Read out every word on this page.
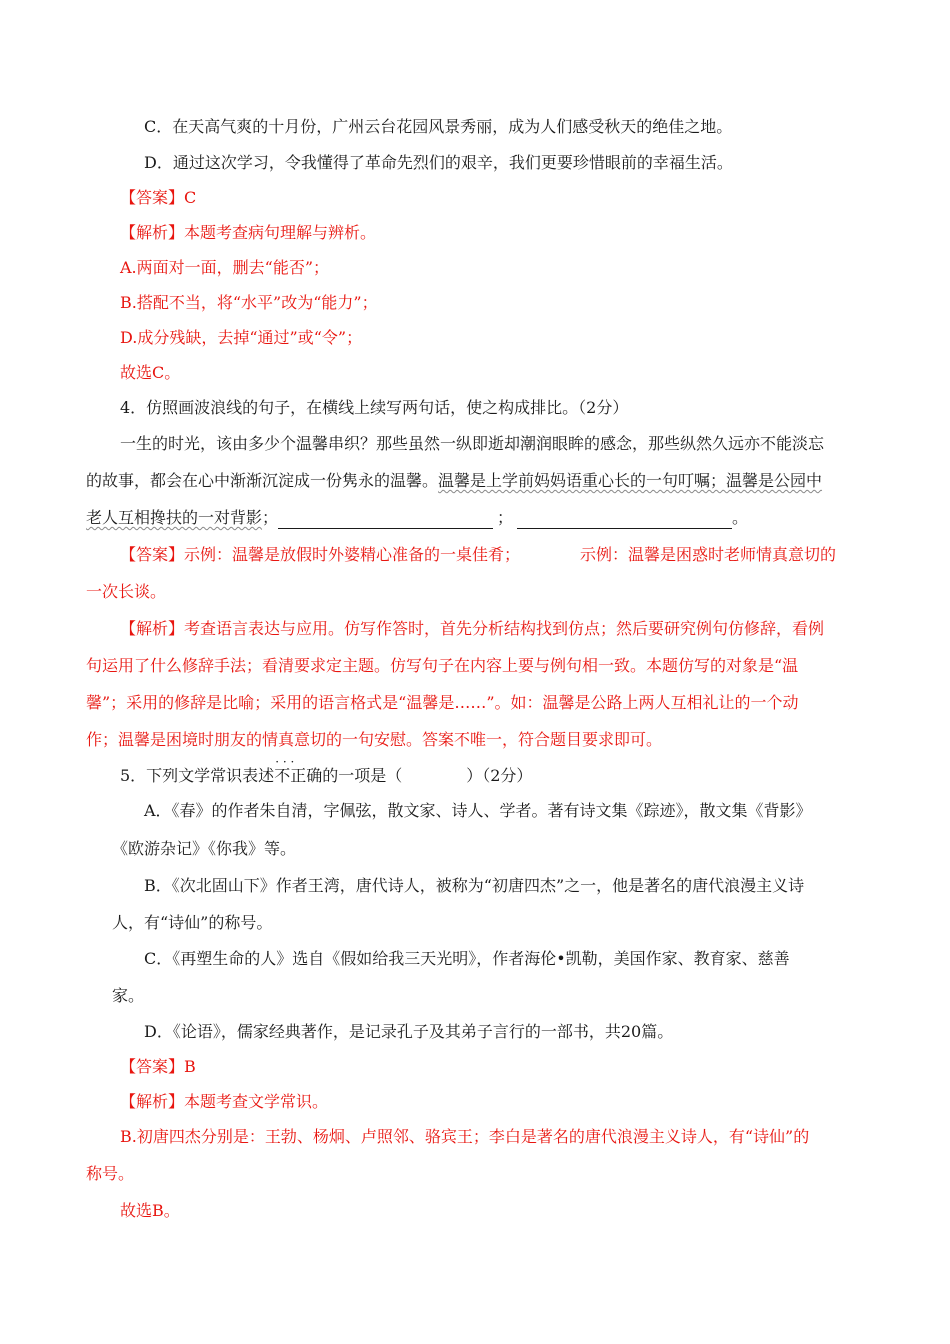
C．在天高气爽的十月份，广州云台花园风景秀丽，成为人们感受秋天的绝佳之地。
D．通过这次学习，令我懂得了革命先烈们的艰辛，我们更要珍惜眼前的幸福生活。
【答案】C
【解析】本题考查病句理解与辨析。
A.两面对一面，删去“能否”；
B.搭配不当，将“水平”改为“能力”；
D.成分残缺，去掉“通过”或“令”；
故选C。
4．仿照画波浪线的句子，在横线上续写两句话，使之构成排比。（2分）
一生的时光，该由多少个温馨串织？那些虽然一纵即逝却潮润眼眸的感念，那些纵然久远亦不能淡忘
的故事，都会在心中渐渐沉淀成一份隽永的温馨。温馨是上学前妈妈语重心长的一句叮嘱；温馨是公园中
老人互相搀扶的一对背影；	；	。
【答案】示例：温馨是放假时外婆精心准备的一桌佳肴；	示例：温馨是困惑时老师情真意切的
一次长谈。
【解析】考查语言表达与应用。仿写作答时，首先分析结构找到仿点；然后要研究例句仿修辞，看例
句运用了什么修辞手法；看清要求定主题。仿写句子在内容上要与例句相一致。本题仿写的对象是“温
馨”；采用的修辞是比喻；采用的语言格式是“温馨是……”。如：温馨是公路上两人互相礼让的一个动
作；温馨是困境时朋友的情真意切的一句安慰。答案不唯一，符合题目要求即可。
5．下列文学常识表述不正确 · · ·的一项是（	）（2分）
A．《春》的作者朱自清，字佩弦，散文家、诗人、学者。著有诗文集《踪迹》，散文集《背影》
《欧游杂记》《你我》等。
B．《次北固山下》作者王湾，唐代诗人，被称为“初唐四杰”之一，他是著名的唐代浪漫主义诗
人，有“诗仙”的称号。
C．《再塑生命的人》选自《假如给我三天光明》，作者海伦•凯勒，美国作家、教育家、慈善
家。
D．《论语》，儒家经典著作，是记录孔子及其弟子言行的一部书，共20篇。
【答案】B
【解析】本题考查文学常识。
B.初唐四杰分别是：王勃、杨炯、卢照邻、骆宾王；李白是著名的唐代浪漫主义诗人，有“诗仙”的
称号。
故选B。
